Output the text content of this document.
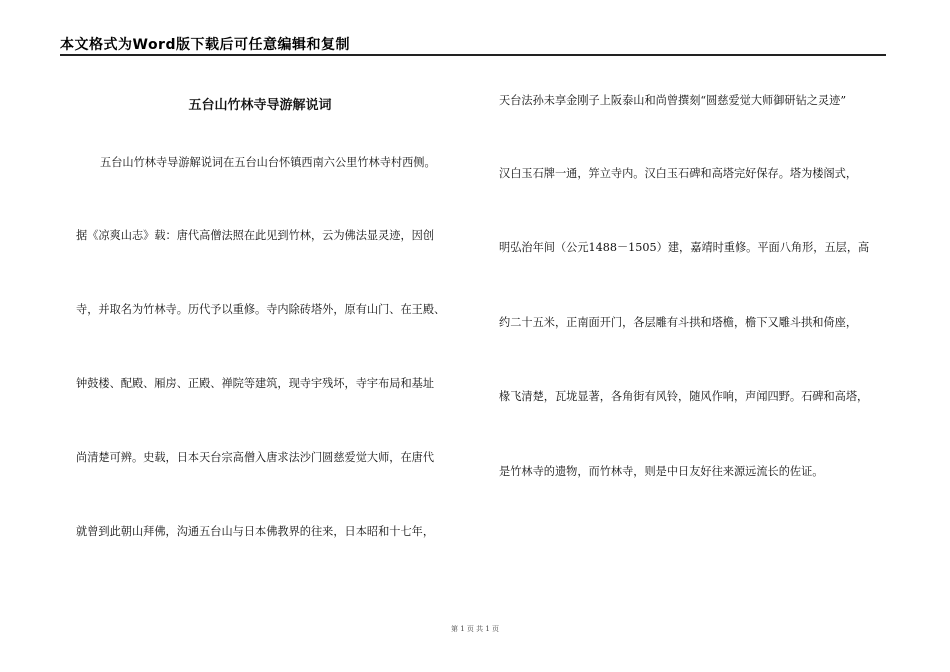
本文格式为Word版下载后可任意编辑和复制
五台山竹林寺导游解说词
五台山竹林寺导游解说词在五台山台怀镇西南六公里竹林寺村西侧。
据《凉爽山志》载：唐代高僧法照在此见到竹林，云为佛法显灵迹，因创
寺，并取名为竹林寺。历代予以重修。寺内除砖塔外，原有山门、在王殿、
钟鼓楼、配殿、厢房、正殿、禅院等建筑，现寺宇残坏，寺宇布局和基址
尚清楚可辨。史载，日本天台宗高僧入唐求法沙门圆慈爱觉大师，在唐代
就曾到此朝山拜佛，沟通五台山与日本佛教界的往来，日本昭和十七年，
天台法孙未享金刚子上阪泰山和尚曾撰刻“圆慈爱觉大师御研钻之灵迹”
汉白玉石牌一通，笄立寺内。汉白玉石碑和高塔完好保存。塔为楼阁式，
明弘治年间（公元1488－1505）建，嘉靖时重修。平面八角形，五层，高
约二十五米，正南面开门，各层雕有斗拱和塔檐，檐下又雕斗拱和倚座，
椽飞清楚，瓦垅显著，各角街有风铃，随风作响，声闻四野。石碑和高塔，
是竹林寺的遗物，而竹林寺，则是中日友好往来源远流长的佐证。
第 1 页 共 1 页
